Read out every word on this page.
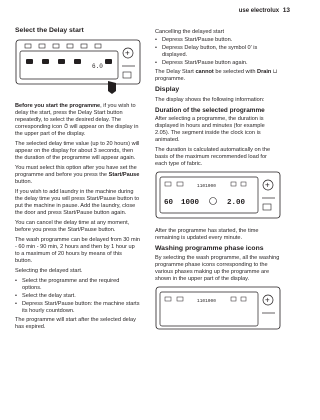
use electrolux 13
Select the Delay start
6.0
+

Before you start the programme, if you wish to delay the start, press the Delay Start button repeatedly, to select the desired delay. The corresponding icon ⏱ will appear on the display in the upper part of the display.

The selected delay time value (up to 20 hours) will appear on the display for about 3 seconds, then the duration of the programme will appear again.

You must select this option after you have set the programme and before you press the Start/Pause button.

If you wish to add laundry in the machine during the delay time you will press Start/Pause button to put the machine in pause. Add the laundry, close the door and press Start/Pause button again.

You can cancel the delay time at any moment, before you press the Start/Pause button.

The wash programme can be delayed from 30 min - 60 min - 90 min, 2 hours and then by 1 hour up to a maximum of 20 hours by means of this button.

Selecting the delayed start.

• Select the programme and the required options.
• Select the delay start.
• Depress Start/Pause button: the machine starts its hourly countdown.

The programme will start after the selected delay has expired.

Cancelling the delayed start

• Depress Start/Pause button.
• Depress Delay button, the symbol 0′ is displayed.
• Depress Start/Pause button again.

The Delay Start cannot be selected with Drain ⊔ programme.

Display

The display shows the following information:

Duration of the selected programme

After selecting a programme, the duration is displayed in hours and minutes (for example 2.05). The segment inside the clock icon is animated.

The duration is calculated automatically on the basis of the maximum recommended load for each type of fabric.

1101000
60 1000	2.00
+

After the programme has started, the time remaining is updated every minute.

Washing programme phase icons

By selecting the wash programme, all the washing programme phase icons corresponding to the various phases making up the programme are shown in the upper part of the display.

1101000	+
